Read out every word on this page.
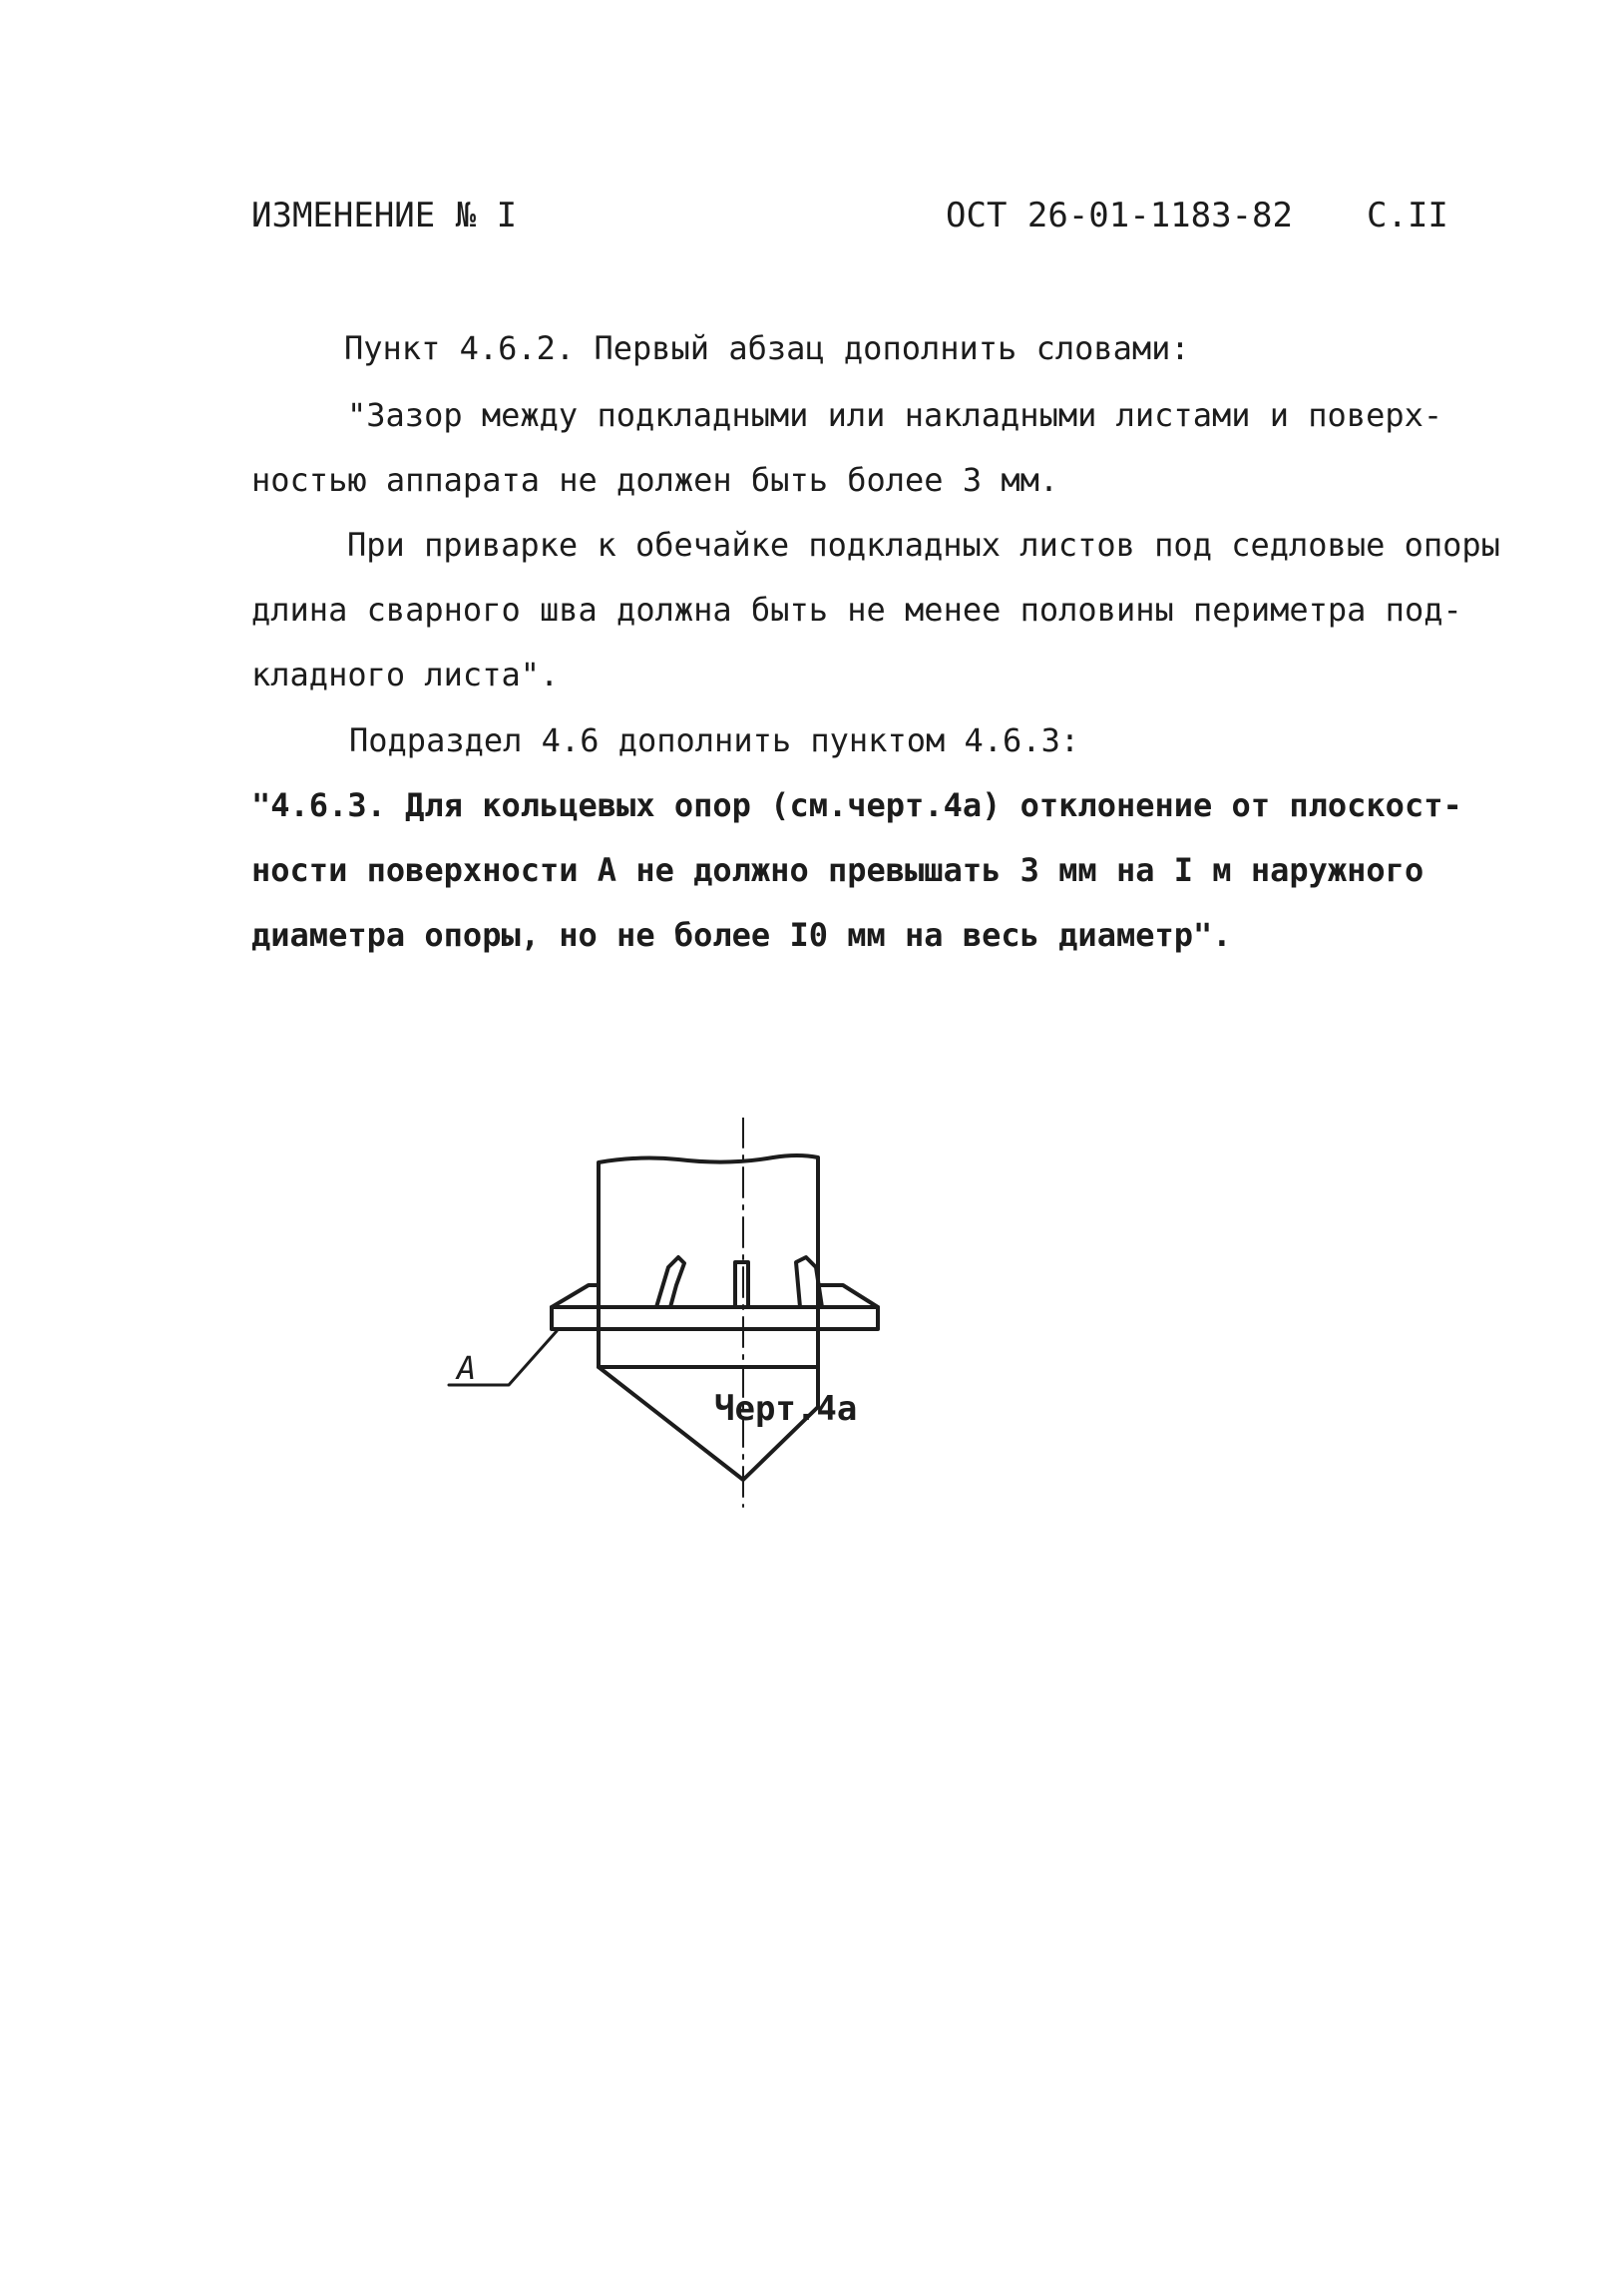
ИЗМЕНЕНИЕ № I	ОСТ 26-01-1183-82 С.II
Пункт 4.6.2. Первый абзац дополнить словами:
"Зазор между подкладными или накладными листами и поверх-
ностью аппарата не должен быть более 3 мм.
При приварке к обечайке подкладных листов под седловые опоры
длина сварного шва должна быть не менее половины периметра под-
кладного листа".
Подраздел 4.6 дополнить пунктом 4.6.3:
"4.6.3. Для кольцевых опор (см.черт.4а) отклонение от плоскост-
ности поверхности А не должно превышать 3 мм на I м наружного
диаметра опоры, но не более I0 мм на весь диаметр".
А
Черт.4а
